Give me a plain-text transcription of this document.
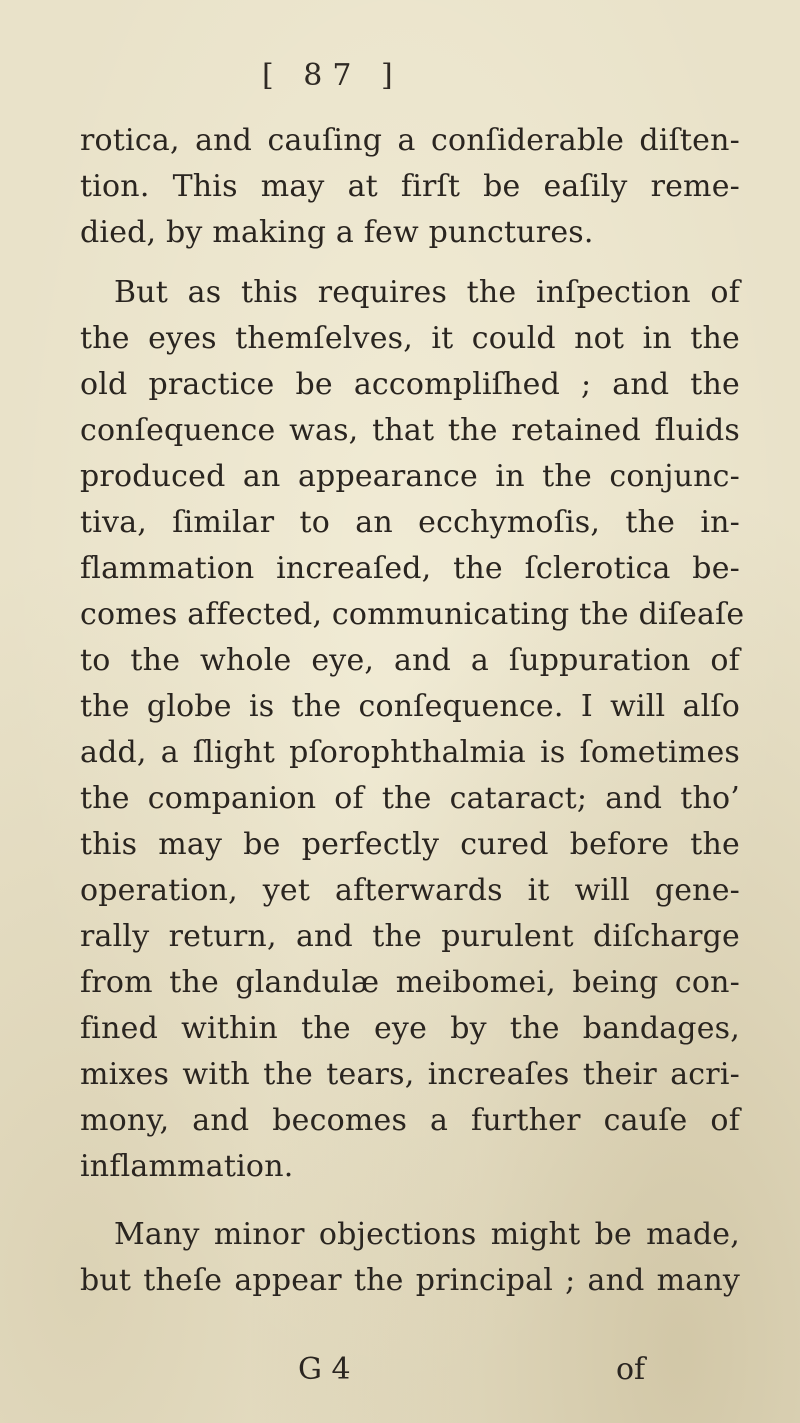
[ 87 ]
rotica, and cauſing a conſiderable diſten-
tion. This may at firſt be eaſily reme-
died, by making a few punctures.
But as this requires the inſpection of
the eyes themſelves, it could not in the
old practice be accompliſhed ; and the
conſequence was, that the retained fluids
produced an appearance in the conjunc-
tiva, ſimilar to an ecchymoſis, the in-
flammation increaſed, the ſclerotica be-
comes affected, communicating the diſeaſe
to the whole eye, and a ſuppuration of
the globe is the conſequence. I will alſo
add, a ſlight pſorophthalmia is ſometimes
the companion of the cataract; and tho’
this may be perfectly cured before the
operation, yet afterwards it will gene-
rally return, and the purulent diſcharge
from the glandulæ meibomei, being con-
fined within the eye by the bandages,
mixes with the tears, increaſes their acri-
mony, and becomes a further cauſe of
inflammation.
Many minor objections might be made,
but theſe appear the principal ; and many
G 4	of
